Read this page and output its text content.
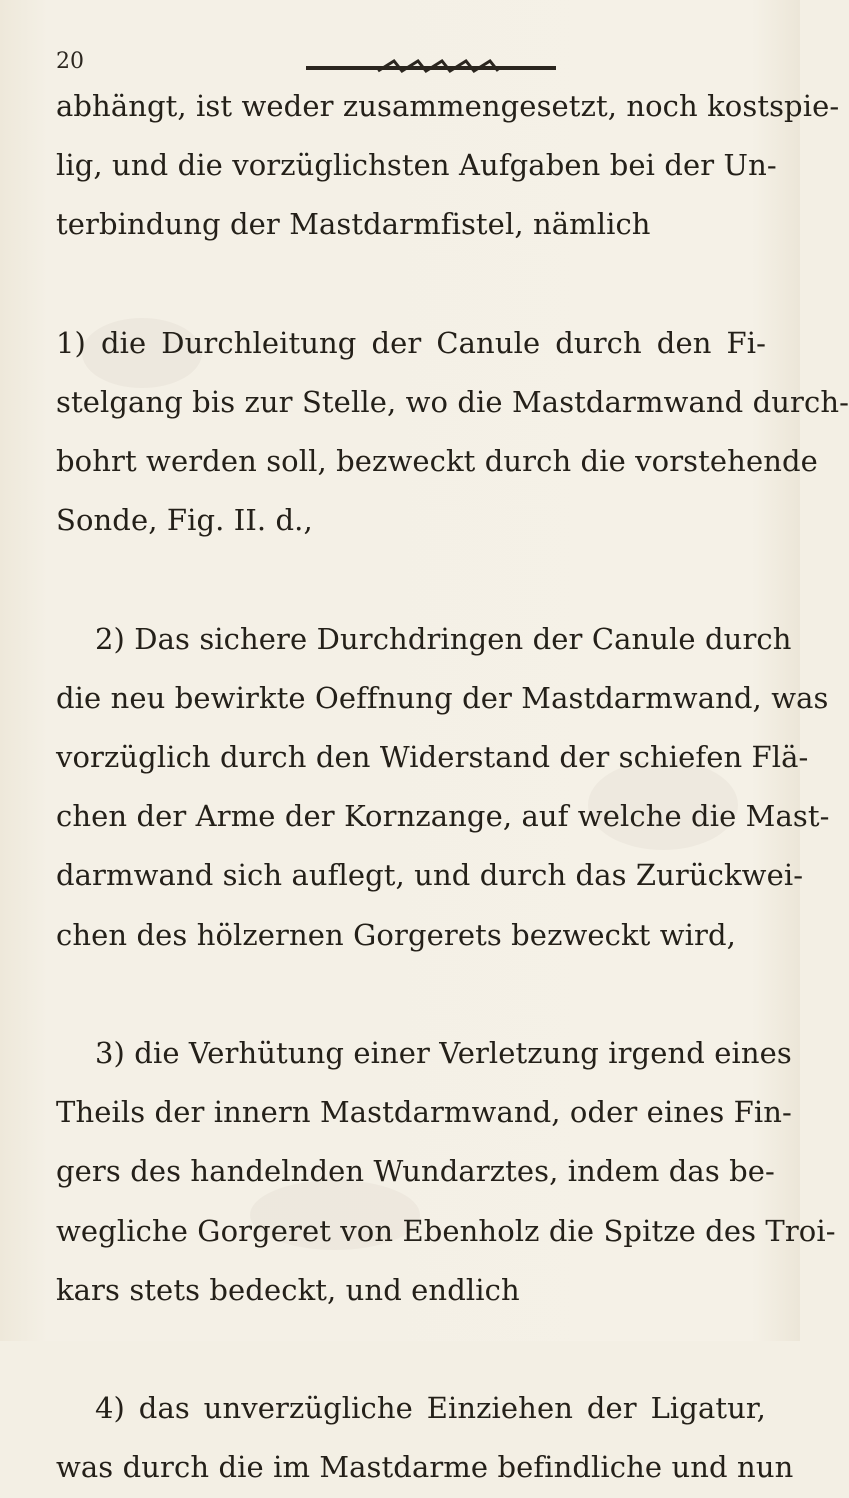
20
abhängt, ist weder zusammengesetzt, noch kostspie-
lig, und die vorzüglichsten Aufgaben bei der Un-
terbindung der Mastdarmfistel, nämlich
1) die Durchleitung der Canule durch den Fi-
stelgang bis zur Stelle, wo die Mastdarmwand durch-
bohrt werden soll, bezweckt durch die vorstehende
Sonde, Fig. II. d.,
2) Das sichere Durchdringen der Canule durch
die neu bewirkte Oeffnung der Mastdarmwand, was
vorzüglich durch den Widerstand der schiefen Flä-
chen der Arme der Kornzange, auf welche die Mast-
darmwand sich auflegt, und durch das Zurückwei-
chen des hölzernen Gorgerets bezweckt wird,
3) die Verhütung einer Verletzung irgend eines
Theils der innern Mastdarmwand, oder eines Fin-
gers des handelnden Wundarztes, indem das be-
wegliche Gorgeret von Ebenholz die Spitze des Troi-
kars stets bedeckt, und endlich
4) das unverzügliche Einziehen der Ligatur,
was durch die im Mastdarme befindliche und nun
